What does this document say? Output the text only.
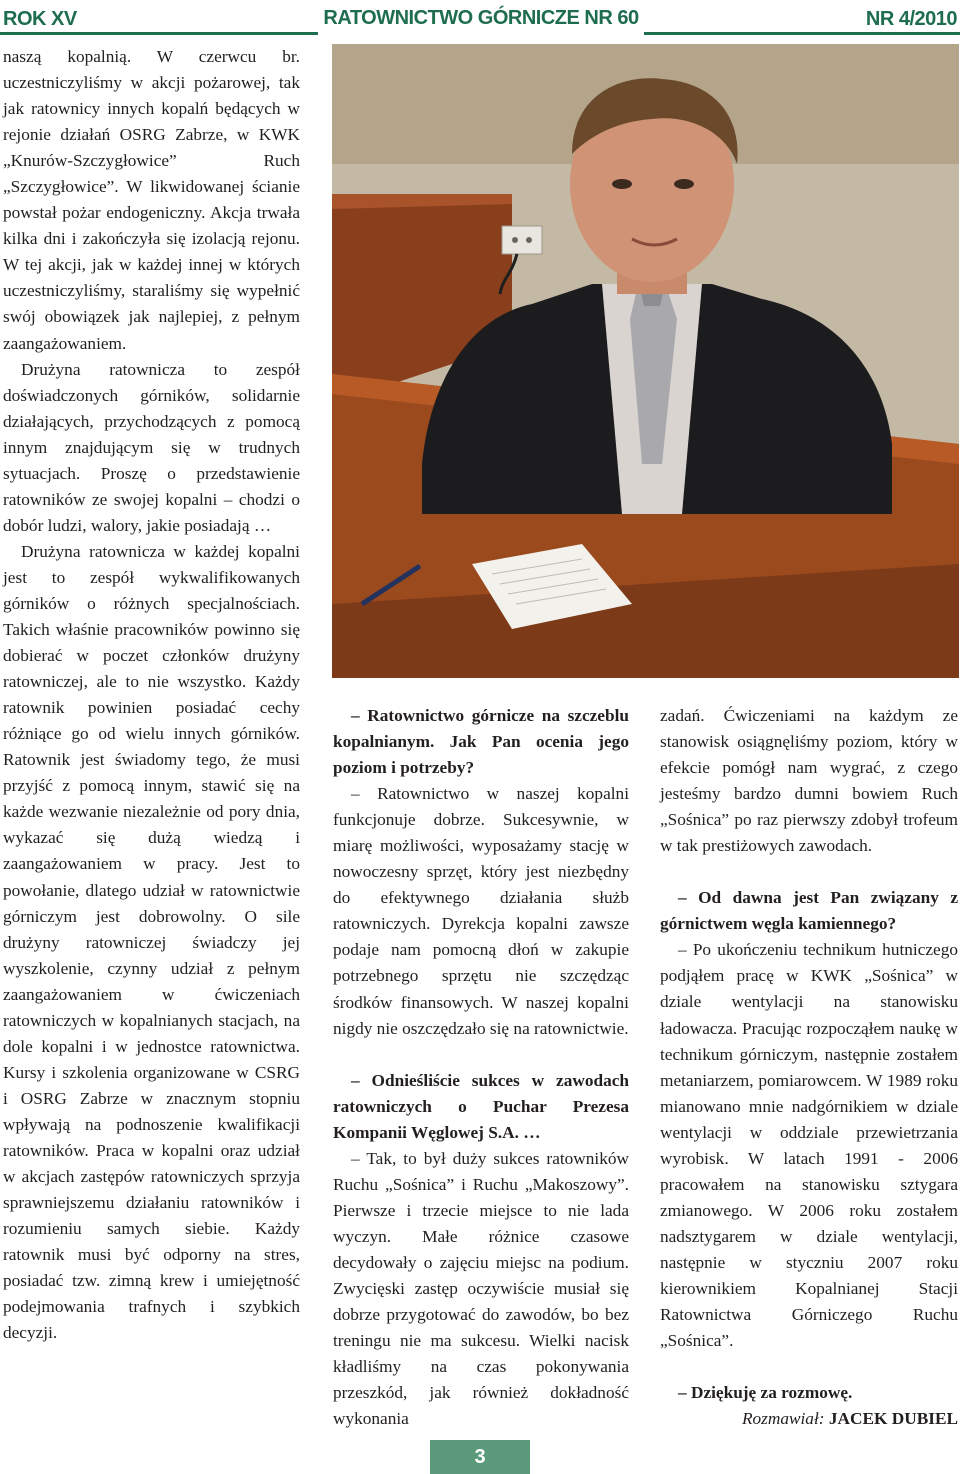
ROK XV	RATOWNICTWO GÓRNICZE NR 60	NR 4/2010

naszą kopalnią. W czerwcu br. uczestniczyliśmy w akcji pożarowej, tak jak ratownicy innych kopalń będących w rejonie działań OSRG Zabrze, w KWK „Knurów-Szczygłowice” Ruch „Szczygłowice”. W likwidowanej ścianie powstał pożar endogeniczny. Akcja trwała kilka dni i zakończyła się izolacją rejonu. W tej akcji, jak w każdej innej w których uczestniczyliśmy, staraliśmy się wypełnić swój obowiązek jak najlepiej, z pełnym zaangażowaniem.

Drużyna ratownicza to zespół doświadczonych górników, solidarnie działających, przychodzących z pomocą innym znajdującym się w trudnych sytuacjach. Proszę o przedstawienie ratowników ze swojej kopalni – chodzi o dobór ludzi, walory, jakie posiadają …

Drużyna ratownicza w każdej kopalni jest to zespół wykwalifikowanych górników o różnych specjalnościach. Takich właśnie pracowników powinno się dobierać w poczet członków drużyny ratowniczej, ale to nie wszystko. Każdy ratownik powinien posiadać cechy różniące go od wielu innych górników. Ratownik jest świadomy tego, że musi przyjść z pomocą innym, stawić się na każde wezwanie niezależnie od pory dnia, wykazać się dużą wiedzą i zaangażowaniem w pracy. Jest to powołanie, dlatego udział w ratownictwie górniczym jest dobrowolny. O sile drużyny ratowniczej świadczy jej wyszkolenie, czynny udział z pełnym zaangażowaniem w ćwiczeniach ratowniczych w kopalnianych stacjach, na dole kopalni i w jednostce ratownictwa. Kursy i szkolenia organizowane w CSRG i OSRG Zabrze w znacznym stopniu wpływają na podnoszenie kwalifikacji ratowników. Praca w kopalni oraz udział w akcjach zastępów ratowniczych sprzyja sprawniejszemu działaniu ratowników i rozumieniu samych siebie. Każdy ratownik musi być odporny na stres, posiadać tzw. zimną krew i umiejętność podejmowania trafnych i szybkich decyzji.

– Ratownictwo górnicze na szczeblu kopalnianym. Jak Pan ocenia jego poziom i potrzeby?

– Ratownictwo w naszej kopalni funkcjonuje dobrze. Sukcesywnie, w miarę możliwości, wyposażamy stację w nowoczesny sprzęt, który jest niezbędny do efektywnego działania służb ratowniczych. Dyrekcja kopalni zawsze podaje nam pomocną dłoń w zakupie potrzebnego sprzętu nie szczędząc środków finansowych. W naszej kopalni nigdy nie oszczędzało się na ratownictwie.

– Odnieśliście sukces w zawodach ratowniczych o Puchar Prezesa Kompanii Węglowej S.A. …

– Tak, to był duży sukces ratowników Ruchu „Sośnica” i Ruchu „Makoszowy”. Pierwsze i trzecie miejsce to nie lada wyczyn. Małe różnice czasowe decydowały o zajęciu miejsc na podium. Zwycięski zastęp oczywiście musiał się dobrze przygotować do zawodów, bo bez treningu nie ma sukcesu. Wielki nacisk kładliśmy na czas pokonywania przeszkód, jak również dokładność wykonania

zadań. Ćwiczeniami na każdym ze stanowisk osiągnęliśmy poziom, który w efekcie pomógł nam wygrać, z czego jesteśmy bardzo dumni bowiem Ruch „Sośnica” po raz pierwszy zdobył trofeum w tak prestiżowych zawodach.

– Od dawna jest Pan związany z górnictwem węgla kamiennego?

– Po ukończeniu technikum hutniczego podjąłem pracę w KWK „Sośnica” w dziale wentylacji na stanowisku ładowacza. Pracując rozpocząłem naukę w technikum górniczym, następnie zostałem metaniarzem, pomiarowcem. W 1989 roku mianowano mnie nadgórnikiem w dziale wentylacji w oddziale przewietrzania wyrobisk. W latach 1991 - 2006 pracowałem na stanowisku sztygara zmianowego. W 2006 roku zostałem nadsztygarem w dziale wentylacji, następnie w styczniu 2007 roku kierownikiem Kopalnianej Stacji Ratownictwa Górniczego Ruchu „Sośnica”.

– Dziękuję za rozmowę.

Rozmawiał: JACEK DUBIEL

3
